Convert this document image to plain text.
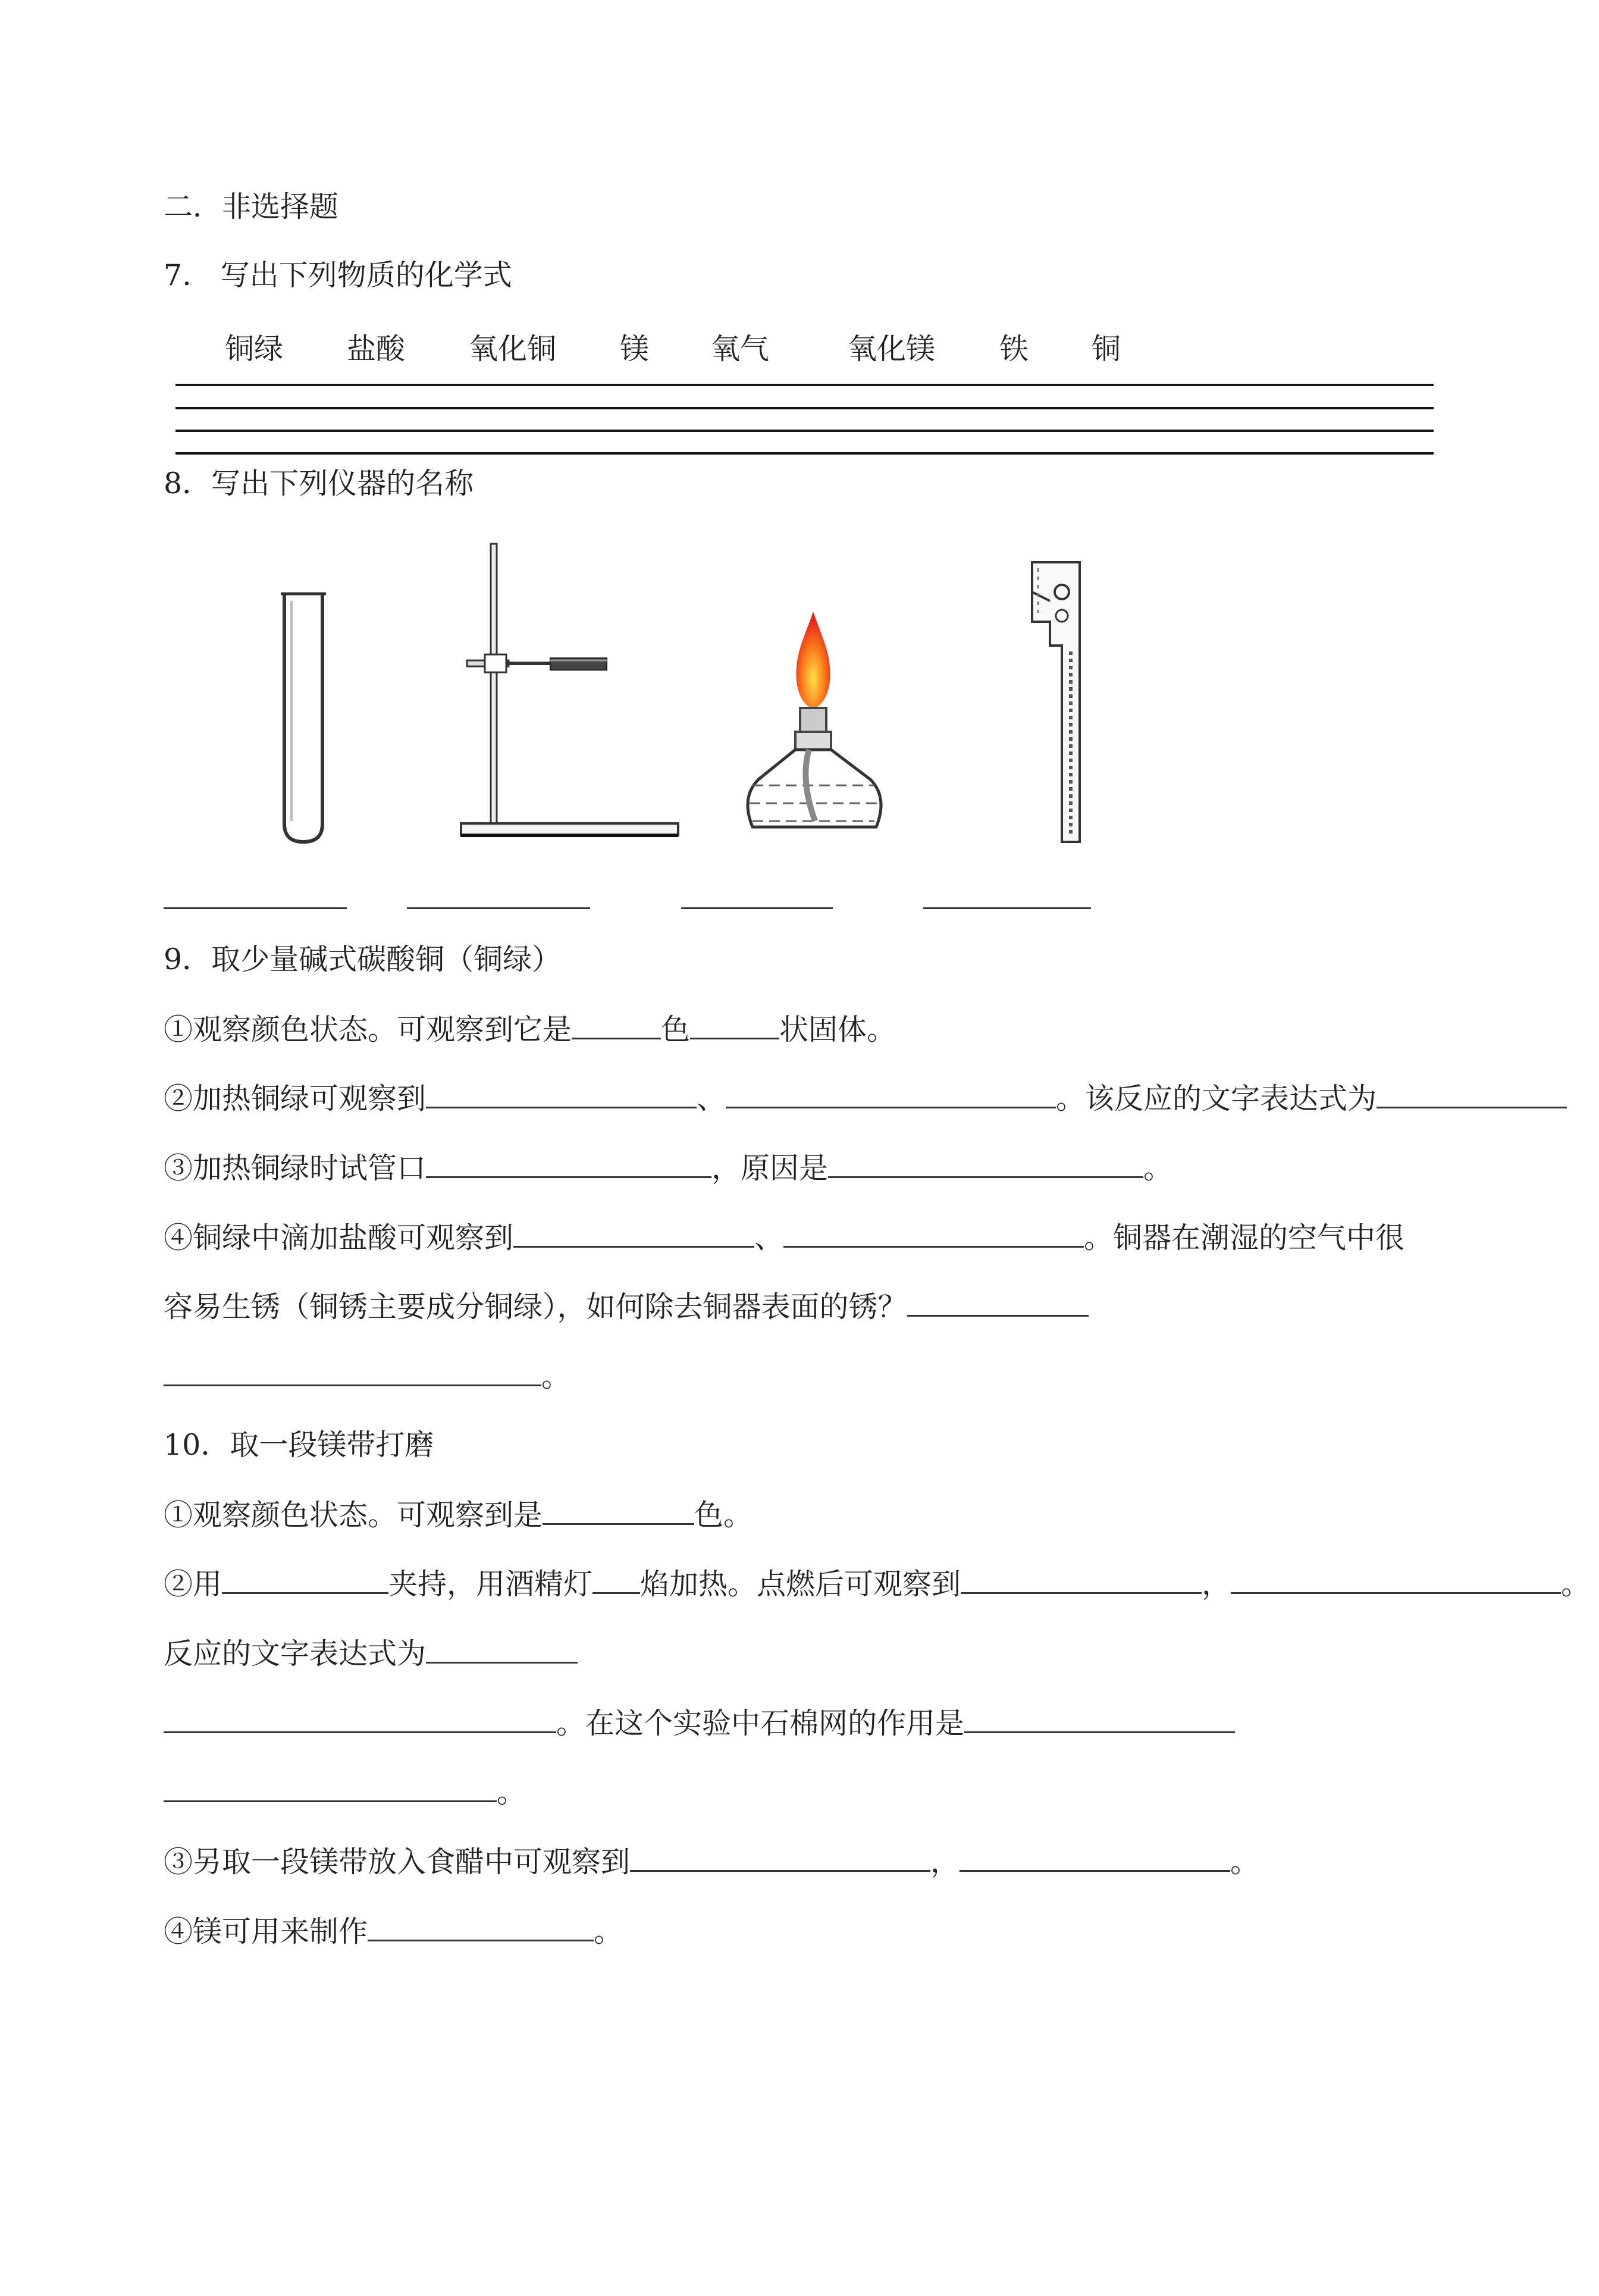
二．非选择题
7.　写出下列物质的化学式
铜绿 盐酸 氧化铜 镁 氧气	氧化镁 铁 铜
8．写出下列仪器的名称
9．取少量碱式碳酸铜（铜绿）
①观察颜色状态。可观察到它是	色	状固体。
②加热铜绿可观察到	、	。该反应的文字表达式为
③加热铜绿时试管口	，原因是	。
④铜绿中滴加盐酸可观察到	、	。铜器在潮湿的空气中很
容易生锈（铜锈主要成分铜绿），如何除去铜器表面的锈？
。
10．取一段镁带打磨
①观察颜色状态。可观察到是	色。
②用	夹持，用酒精灯 焰加热。点燃后可观察到	，	。
反应的文字表达式为
。在这个实验中石棉网的作用是
。
③另取一段镁带放入食醋中可观察到	，	。
④镁可用来制作	。
